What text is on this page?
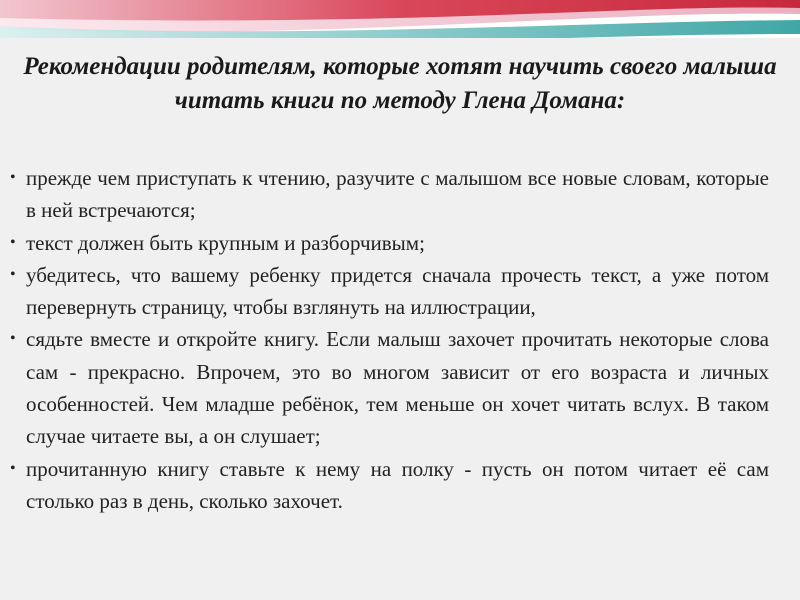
Рекомендации родителям, которые хотят научить своего малыша читать книги по методу Глена Домана:
• прежде чем приступать к чтению, разучите с малышом все новые словам, которые в ней встречаются;
• текст должен быть крупным и разборчивым;
• убедитесь, что вашему ребенку придется сначала прочесть текст, а уже потом перевернуть страницу, чтобы взглянуть на иллюстрации,
• сядьте вместе и откройте книгу. Если малыш захочет прочитать некоторые слова сам - прекрасно. Впрочем, это во многом зависит от его возраста и личных особенностей. Чем младше ребёнок, тем меньше он хочет читать вслух. В таком случае читаете вы, а он слушает;
• прочитанную книгу ставьте к нему на полку - пусть он потом читает её сам столько раз в день, сколько захочет.
